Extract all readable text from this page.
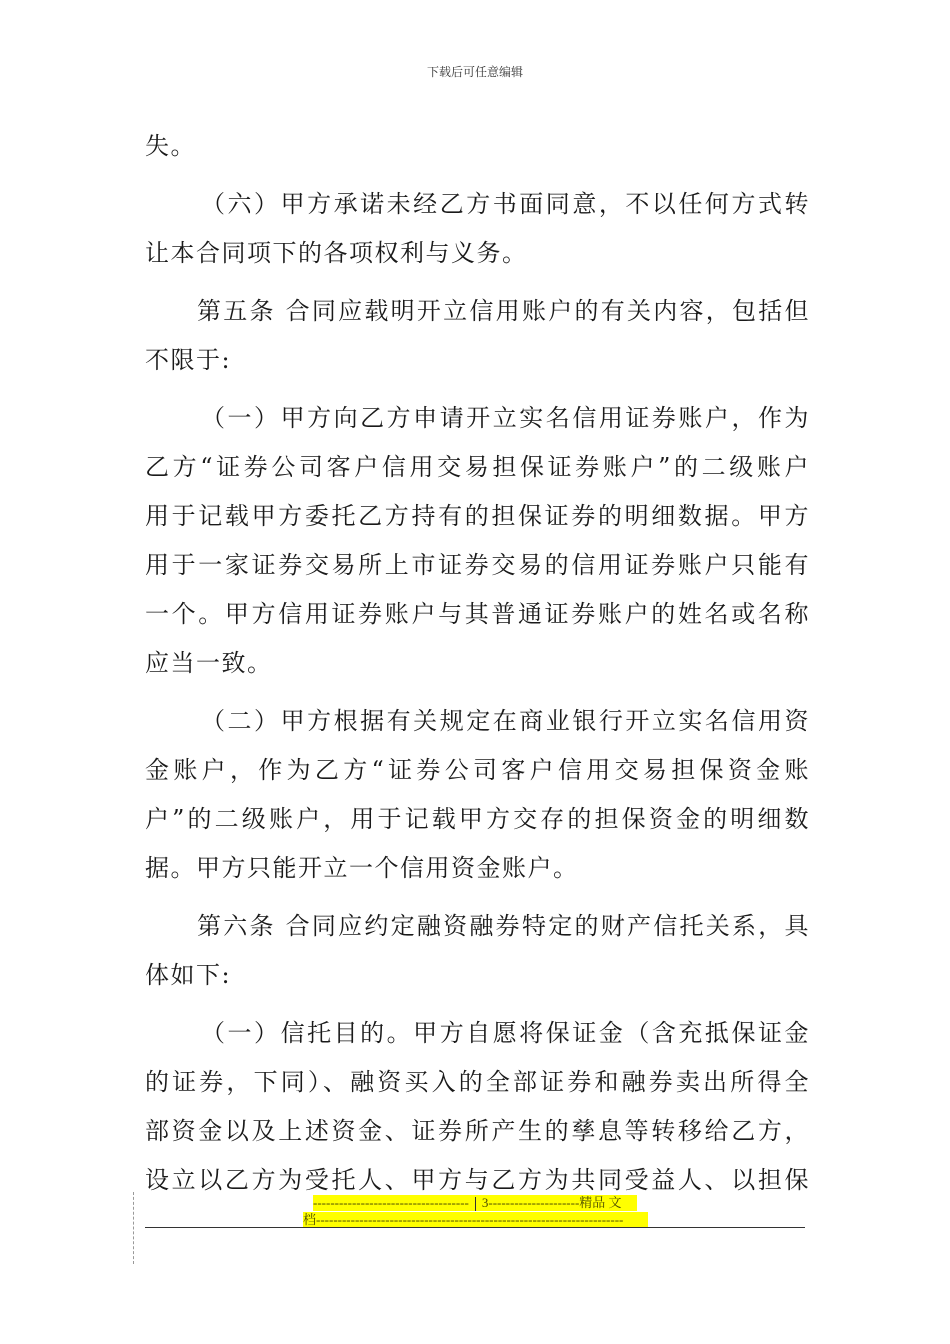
下载后可任意编辑
失。
（六）甲方承诺未经乙方书面同意，不以任何方式转
让本合同项下的各项权利与义务。
第五条 合同应载明开立信用账户的有关内容，包括但
不限于:
（一）甲方向乙方申请开立实名信用证券账户，作为
乙方“证券公司客户信用交易担保证券账户”的二级账户
用于记载甲方委托乙方持有的担保证券的明细数据。甲方
用于一家证券交易所上市证券交易的信用证券账户只能有
一个。甲方信用证券账户与其普通证券账户的姓名或名称
应当一致。
（二）甲方根据有关规定在商业银行开立实名信用资
金账户，作为乙方“证券公司客户信用交易担保资金账
户”的二级账户，用于记载甲方交存的担保资金的明细数
据。甲方只能开立一个信用资金账户。
第六条 合同应约定融资融券特定的财产信托关系，具
体如下:
（一）信托目的。甲方自愿将保证金（含充抵保证金
的证券，下同）、融资买入的全部证券和融券卖出所得全
部资金以及上述资金、证券所产生的孳息等转移给乙方，
设立以乙方为受托人、甲方与乙方为共同受益人、以担保
------------------------------------ 3---------------------精品 文
档-----------------------------------------------------------------------
